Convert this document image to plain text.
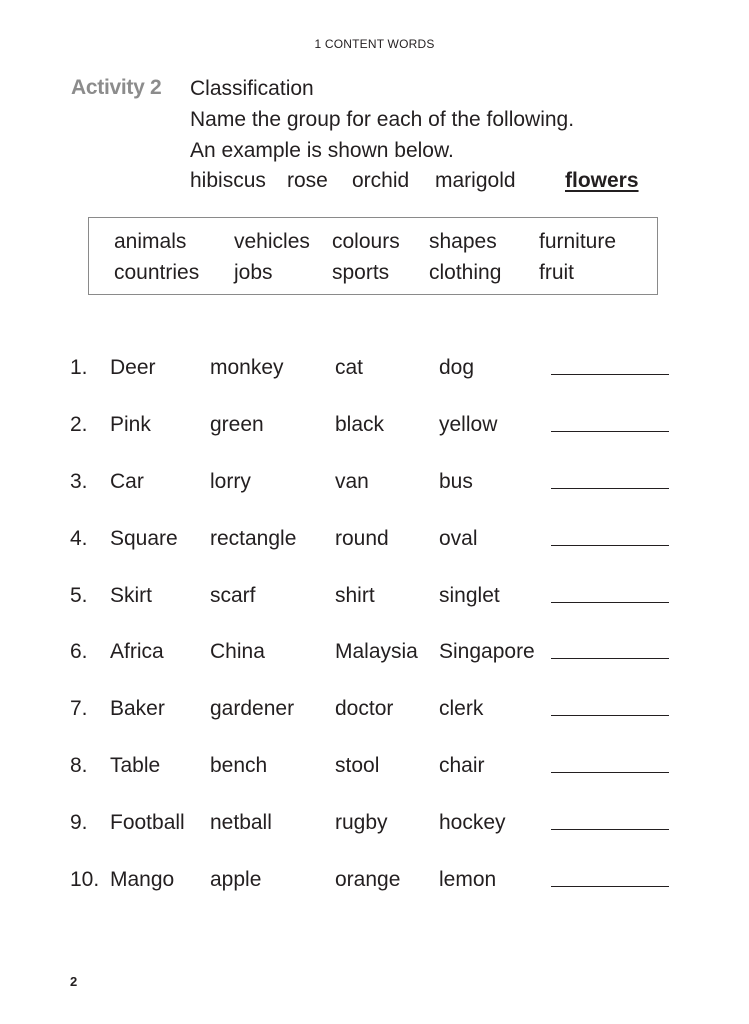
1 CONTENT WORDS
Activity 2 Classification
Name the group for each of the following.
An example is shown below.
hibiscus rose orchid marigold flowers
animals vehicles colours shapes furniture
countries jobs	sports clothing fruit
1. Deer	monkey cat	dog
2. Pink	green	black	yellow
3. Car	lorry	van	bus
4. Square rectangle round oval
5. Skirt	scarf	shirt	singlet
6. Africa China	Malaysia Singapore
7. Baker gardener doctor clerk
8. Table bench	stool	chair
9. Football netball	rugby hockey
10. Mango apple	orange lemon
2
